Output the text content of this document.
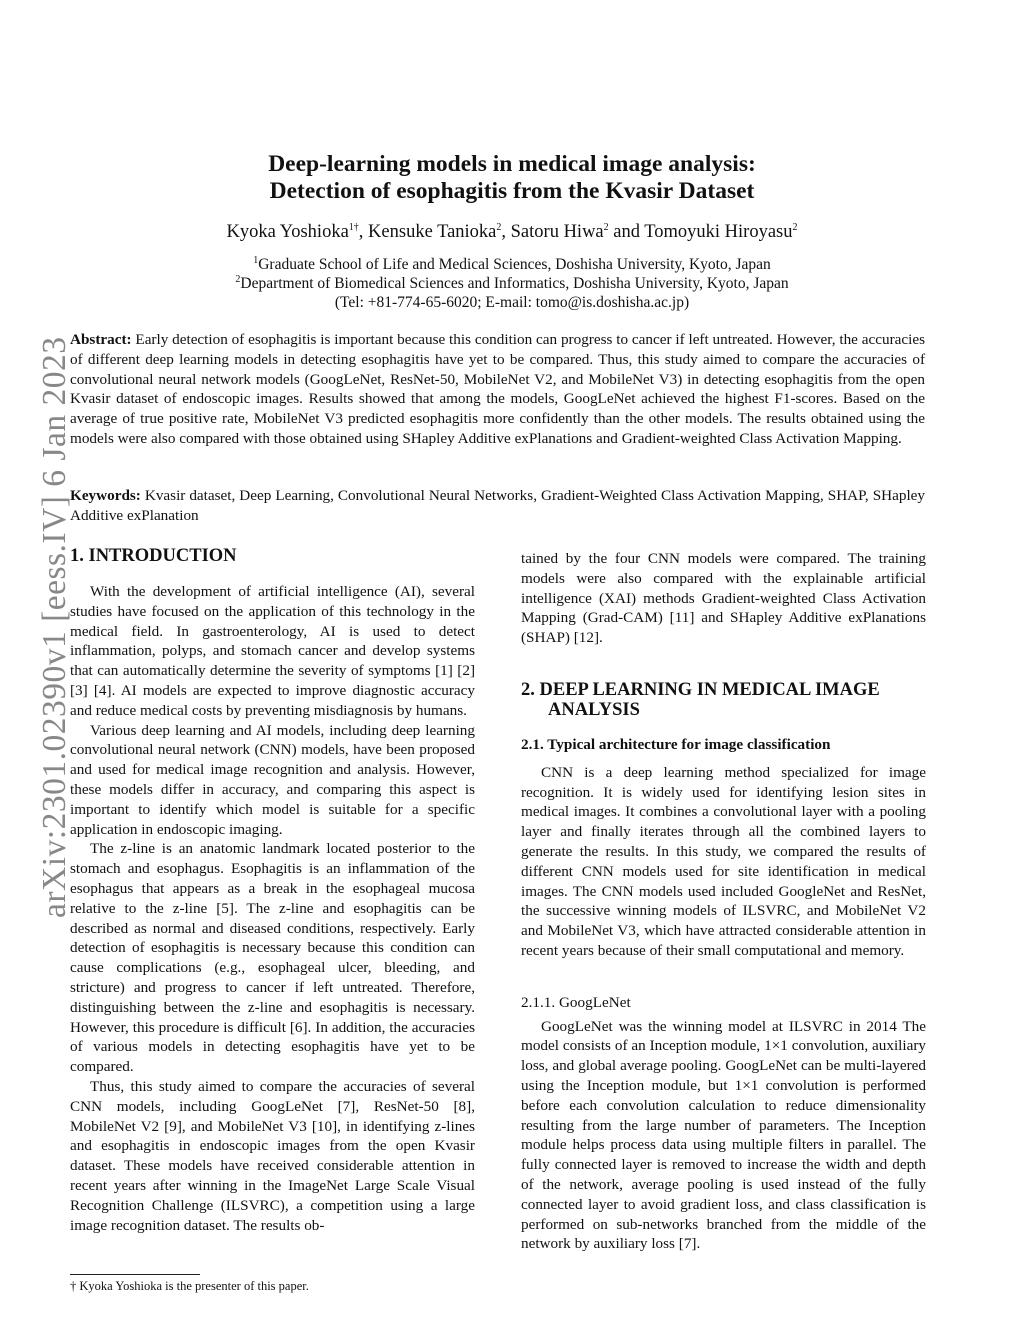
arXiv:2301.02390v1 [eess.IV] 6 Jan 2023
Deep-learning models in medical image analysis:
Detection of esophagitis from the Kvasir Dataset
Kyoka Yoshioka$^{1\dagger}$, Kensuke Tanioka$^2$, Satoru Hiwa$^2$ and Tomoyuki Hiroyasu$^2$
$^1$Graduate School of Life and Medical Sciences, Doshisha University, Kyoto, Japan
$^2$Department of Biomedical Sciences and Informatics, Doshisha University, Kyoto, Japan
(Tel: +81-774-65-6020; E-mail: tomo@is.doshisha.ac.jp)
Abstract: Early detection of esophagitis is important because this condition can progress to cancer if left untreated. However, the accuracies of different deep learning models in detecting esophagitis have yet to be compared. Thus, this study aimed to compare the accuracies of convolutional neural network models (GoogLeNet, ResNet-50, MobileNet V2, and MobileNet V3) in detecting esophagitis from the open Kvasir dataset of endoscopic images. Results showed that among the models, GoogLeNet achieved the highest F1-scores. Based on the average of true positive rate, MobileNet V3 predicted esophagitis more confidently than the other models. The results obtained using the models were also compared with those obtained using SHapley Additive exPlanations and Gradient-weighted Class Activation Mapping.
Keywords: Kvasir dataset, Deep Learning, Convolutional Neural Networks, Gradient-Weighted Class Activation Mapping, SHAP, SHapley Additive exPlanation
1. INTRODUCTION

With the development of artificial intelligence (AI), several studies have focused on the application of this technology in the medical field. In gastroenterology, AI is used to detect inflammation, polyps, and stomach cancer and develop systems that can automatically determine the severity of symptoms [1] [2] [3] [4]. AI models are expected to improve diagnostic accuracy and reduce medical costs by preventing misdiagnosis by humans.

Various deep learning and AI models, including deep learning convolutional neural network (CNN) models, have been proposed and used for medical image recognition and analysis. However, these models differ in accuracy, and comparing this aspect is important to identify which model is suitable for a specific application in endoscopic imaging.

The z-line is an anatomic landmark located posterior to the stomach and esophagus. Esophagitis is an inflammation of the esophagus that appears as a break in the esophageal mucosa relative to the z-line [5]. The z-line and esophagitis can be described as normal and diseased conditions, respectively. Early detection of esophagitis is necessary because this condition can cause complications (e.g., esophageal ulcer, bleeding, and stricture) and progress to cancer if left untreated. Therefore, distinguishing between the z-line and esophagitis is necessary. However, this procedure is difficult [6]. In addition, the accuracies of various models in detecting esophagitis have yet to be compared.

Thus, this study aimed to compare the accuracies of several CNN models, including GoogLeNet [7], ResNet-50 [8], MobileNet V2 [9], and MobileNet V3 [10], in identifying z-lines and esophagitis in endoscopic images from the open Kvasir dataset. These models have received considerable attention in recent years after winning in the ImageNet Large Scale Visual Recognition Challenge (ILSVRC), a competition using a large image recognition dataset. The results ob-

† Kyoka Yoshioka is the presenter of this paper.
tained by the four CNN models were compared. The training models were also compared with the explainable artificial intelligence (XAI) methods Gradient-weighted Class Activation Mapping (Grad-CAM) [11] and SHapley Additive exPlanations (SHAP) [12].
2. DEEP LEARNING IN MEDICAL IMAGE
ANALYSIS
2.1. Typical architecture for image classification

CNN is a deep learning method specialized for image recognition. It is widely used for identifying lesion sites in medical images. It combines a convolutional layer with a pooling layer and finally iterates through all the combined layers to generate the results. In this study, we compared the results of different CNN models used for site identification in medical images. The CNN models used included GoogleNet and ResNet, the successive winning models of ILSVRC, and MobileNet V2 and MobileNet V3, which have attracted considerable attention in recent years because of their small computational and memory.

2.1.1. GoogLeNet

GoogLeNet was the winning model at ILSVRC in 2014 The model consists of an Inception module, 1×1 convolution, auxiliary loss, and global average pooling. GoogLeNet can be multi-layered using the Inception module, but 1×1 convolution is performed before each convolution calculation to reduce dimensionality resulting from the large number of parameters. The Inception module helps process data using multiple filters in parallel. The fully connected layer is removed to increase the width and depth of the network, average pooling is used instead of the fully connected layer to avoid gradient loss, and class classification is performed on sub-networks branched from the middle of the network by auxiliary loss [7].
